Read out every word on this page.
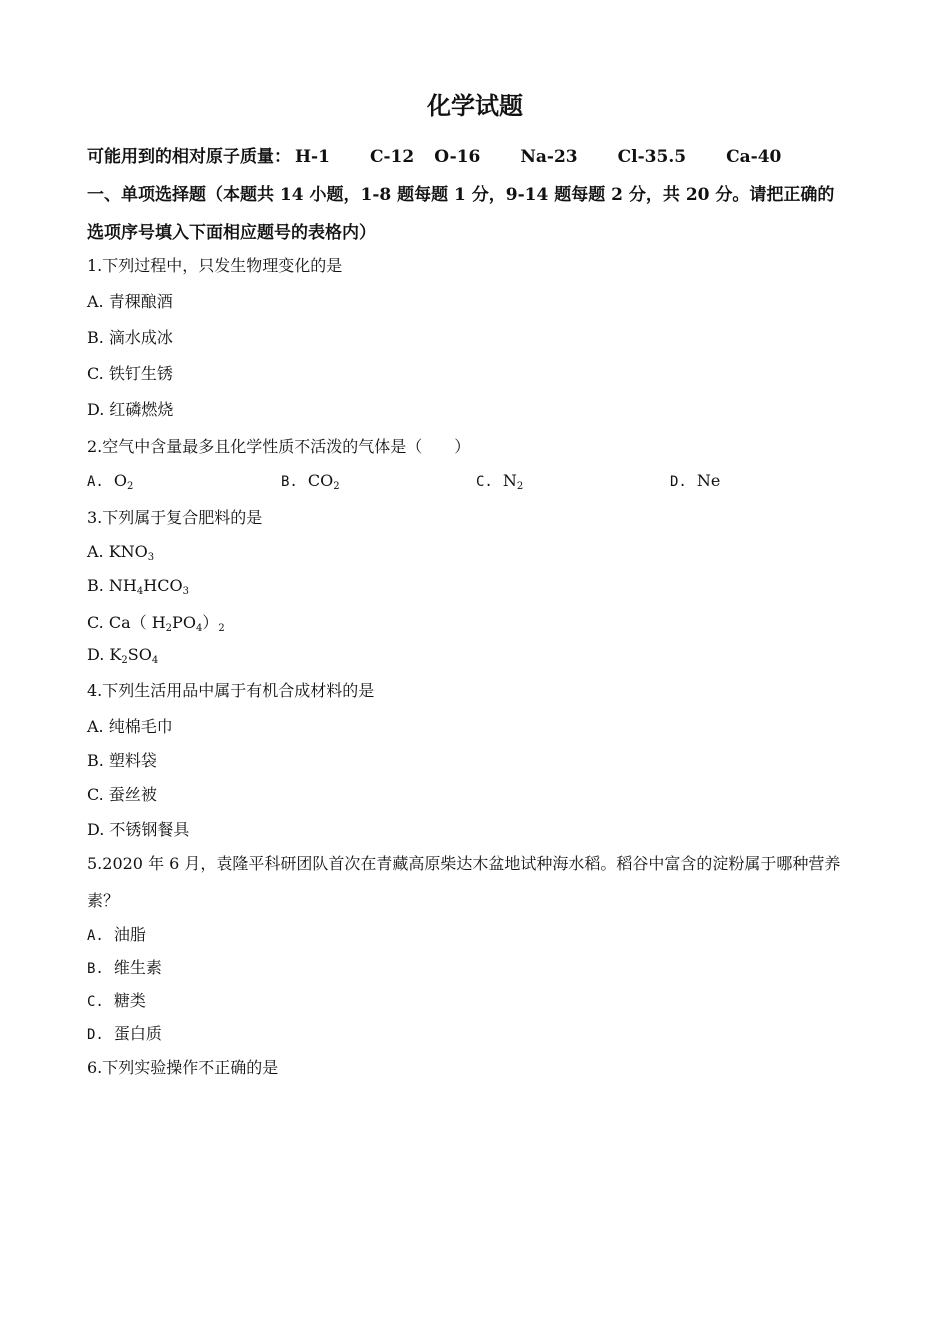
化学试题
可能用到的相对原子质量： H-1 C-12 O-16 Na-23 Cl-35.5 Ca-40
一、单项选择题（本题共 14 小题，1-8 题每题 1 分，9-14 题每题 2 分，共 20 分。请把正确的
选项序号填入下面相应题号的表格内）
1.下列过程中，只发生物理变化的是
A. 青稞酿酒
B. 滴水成冰
C. 铁钉生锈
D. 红磷燃烧
2.空气中含量最多且化学性质不活泼的气体是（　　）
A. $O_2$	B. $CO_2$	C. $N_2$	D. Ne
3.下列属于复合肥料的是
A. $KNO_3$
B. $NH_4HCO_3$
C. Ca（ $H_2PO_4)_2$
D. $K_2SO_4$
4.下列生活用品中属于有机合成材料的是
A. 纯棉毛巾
B. 塑料袋
C. 蚕丝被
D. 不锈钢餐具
5.2020 年 6 月，袁隆平科研团队首次在青藏高原柴达木盆地试种海水稻。稻谷中富含的淀粉属于哪种营养
素？
A. 油脂
B. 维生素
C. 糖类
D. 蛋白质
6.下列实验操作不正确的是
